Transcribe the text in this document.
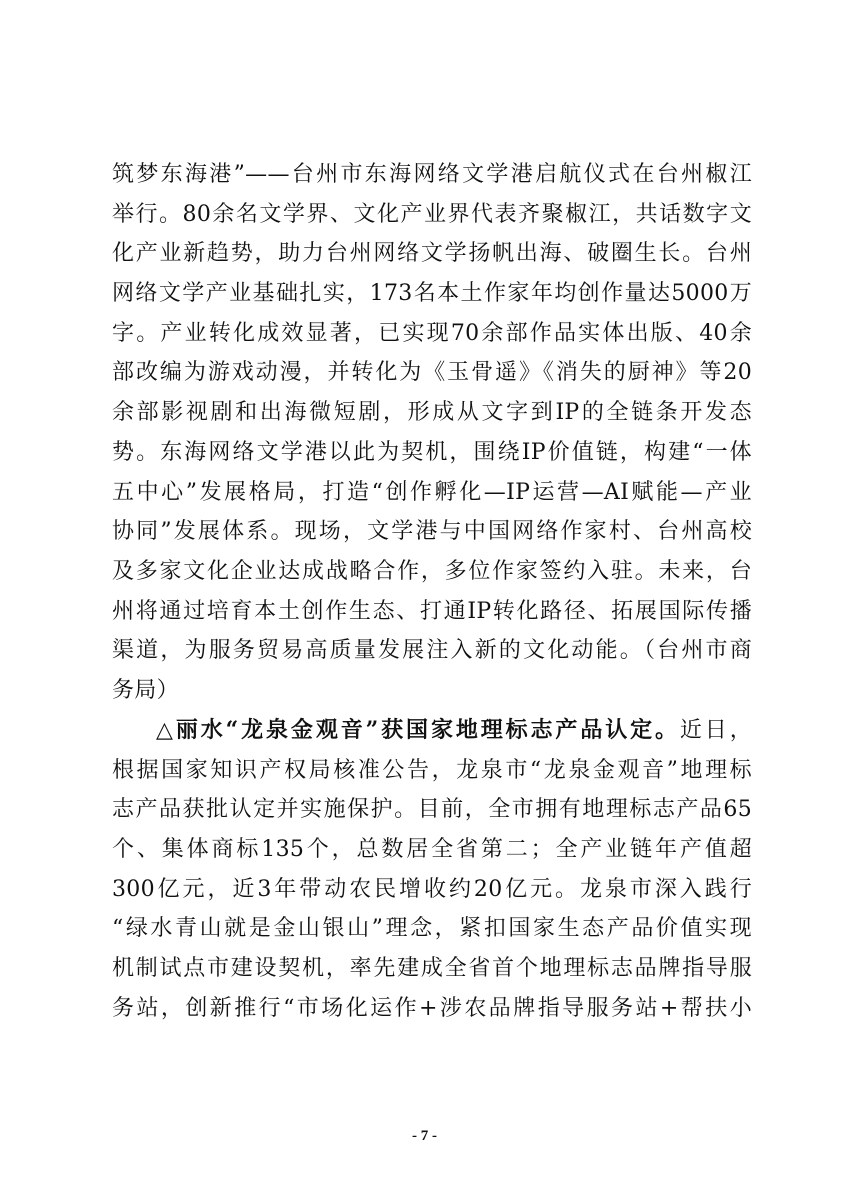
筑梦东海港”——台州市东海网络文学港启航仪式在台州椒江
举行。80余名文学界、文化产业界代表齐聚椒江，共话数字文
化产业新趋势，助力台州网络文学扬帆出海、破圈生长。台州
网络文学产业基础扎实，173名本土作家年均创作量达5000万
字。产业转化成效显著，已实现70余部作品实体出版、40余
部改编为游戏动漫，并转化为《玉骨遥》《消失的厨神》等20
余部影视剧和出海微短剧，形成从文字到IP的全链条开发态
势。东海网络文学港以此为契机，围绕IP价值链，构建“一体
五中心”发展格局，打造“创作孵化—IP运营—AI赋能—产业
协同”发展体系。现场，文学港与中国网络作家村、台州高校
及多家文化企业达成战略合作，多位作家签约入驻。未来，台
州将通过培育本土创作生态、打通IP转化路径、拓展国际传播
渠道，为服务贸易高质量发展注入新的文化动能。（台州市商
务局）
△丽水“龙泉金观音”获国家地理标志产品认定。近日，
根据国家知识产权局核准公告，龙泉市“龙泉金观音”地理标
志产品获批认定并实施保护。目前，全市拥有地理标志产品65
个、集体商标135个，总数居全省第二；全产业链年产值超
300亿元，近3年带动农民增收约20亿元。龙泉市深入践行
“绿水青山就是金山银山”理念，紧扣国家生态产品价值实现
机制试点市建设契机，率先建成全省首个地理标志品牌指导服
务站，创新推行“市场化运作+涉农品牌指导服务站+帮扶小
- 7 -
